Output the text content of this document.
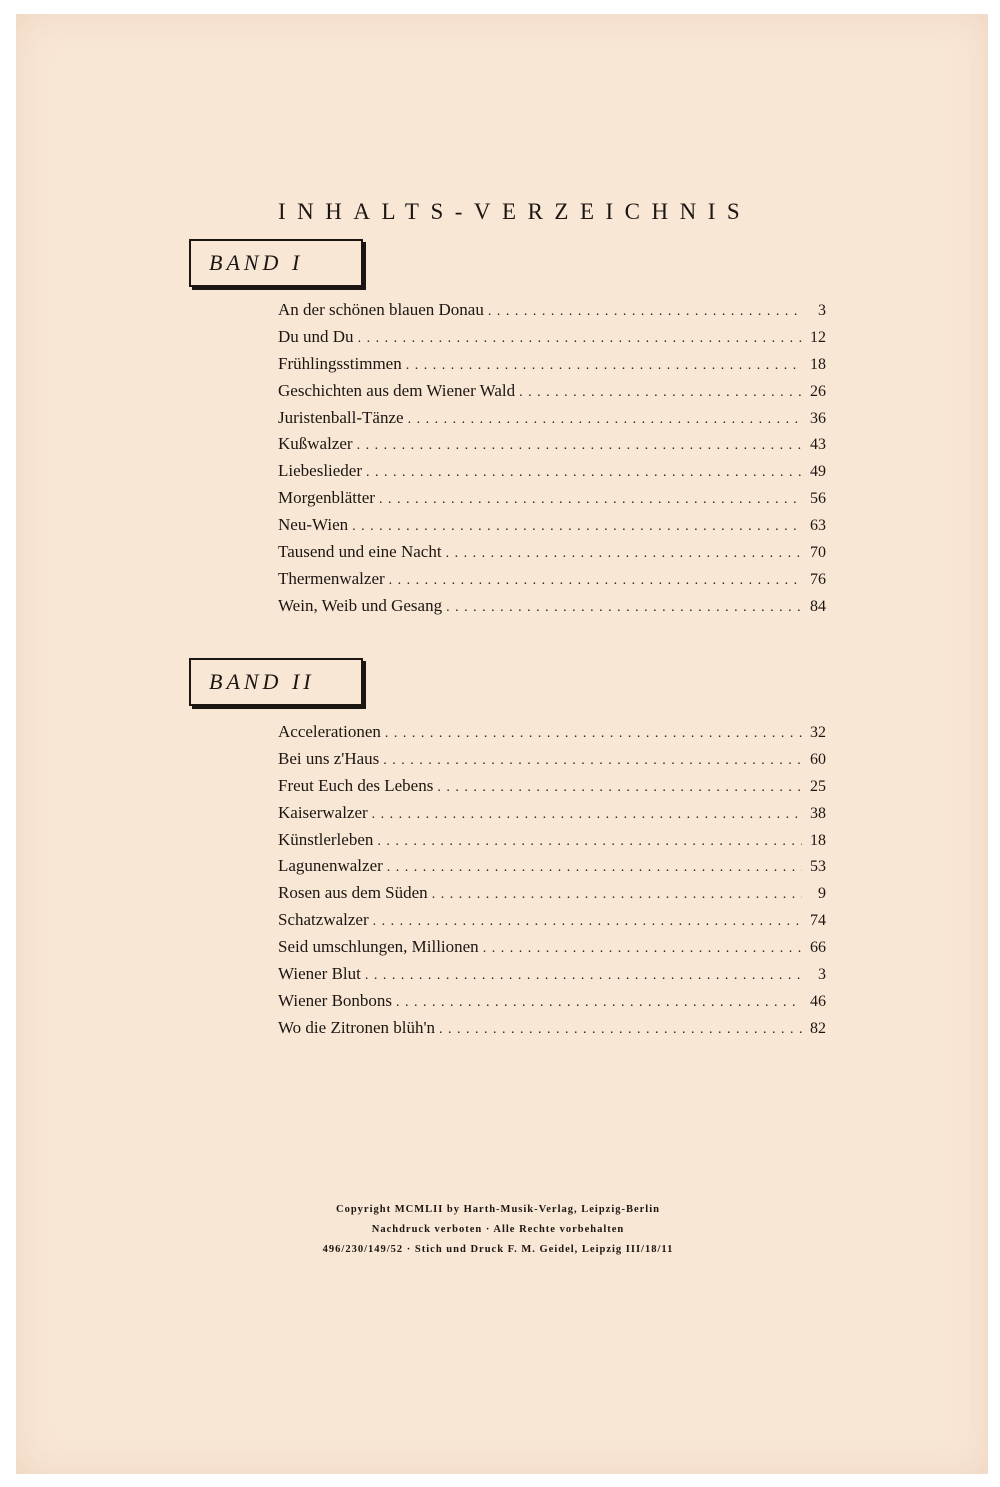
INHALTS-VERZEICHNIS
BAND I
An der schönen blauen Donau . . .	3
Du und Du . . .	12
Frühlingsstimmen . . .	18
Geschichten aus dem Wiener Wald . . .	26
Juristenball-Tänze . . .	36
Kußwalzer . . .	43
Liebeslieder . . .	49
Morgenblätter . . .	56
Neu-Wien . . .	63
Tausend und eine Nacht . . .	70
Thermenwalzer . . .	76
Wein, Weib und Gesang . . .	84
BAND II
Accelerationen . . .	32
Bei uns z'Haus . . .	60
Freut Euch des Lebens . . .	25
Kaiserwalzer . . .	38
Künstlerleben . . .	18
Lagunenwalzer . . .	53
Rosen aus dem Süden . . .	9
Schatzwalzer . . .	74
Seid umschlungen, Millionen . . .	66
Wiener Blut . . .	3
Wiener Bonbons . . .	46
Wo die Zitronen blüh'n . . .	82
Copyright MCMLII by Harth-Musik-Verlag, Leipzig-Berlin
Nachdruck verboten · Alle Rechte vorbehalten
496/230/149/52 · Stich und Druck F. M. Geidel, Leipzig III/18/11
